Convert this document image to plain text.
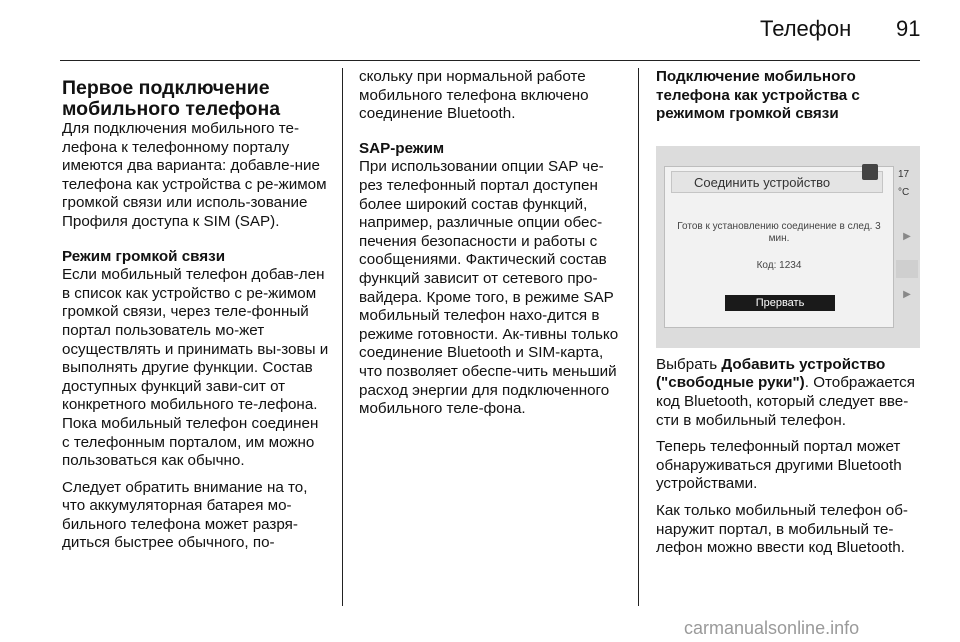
Телефон 91
Первое подключение мобильного телефона

Для подключения мобильного те-лефона к телефонному порталу имеются два варианта: добавле-ние телефона как устройства с ре-жимом громкой связи или исполь-зование Профиля доступа к SIM (SAP).

Режим громкой связи

Если мобильный телефон добав-лен в список как устройство с ре-жимом громкой связи, через теле-фонный портал пользователь мо-жет осуществлять и принимать вы-зовы и выполнять другие функции. Состав доступных функций зави-сит от конкретного мобильного те-лефона. Пока мобильный телефон соединен с телефонным порталом, им можно пользоваться как обычно.

Следует обратить внимание на то, что аккумуляторная батарея мо-бильного телефона может разря-диться быстрее обычного, по-

скольку при нормальной работе мобильного телефона включено соединение Bluetooth.

SAP-режим

При использовании опции SAP че-рез телефонный портал доступен более широкий состав функций, например, различные опции обес-печения безопасности и работы с сообщениями. Фактический состав функций зависит от сетевого про-вайдера. Кроме того, в режиме SAP мобильный телефон нахо-дится в режиме готовности. Ак-тивны только соединение Bluetooth и SIM-карта, что позволяет обеспе-чить меньший расход энергии для подключенного мобильного теле-фона.

Подключение мобильного телефона как устройства с режимом громкой связи
Соединить устройство
Готов к установлению соединение в след. 3 мин.
Код: 1234
Прервать
17 °C
▶
▶

Выбрать Добавить устройство ("свободные руки"). Отображается код Bluetooth, который следует вве-сти в мобильный телефон.

Теперь телефонный портал может обнаруживаться другими Bluetooth устройствами.

Как только мобильный телефон об-наружит портал, в мобильный те-лефон можно ввести код Bluetooth.

carmanualsonline.info
